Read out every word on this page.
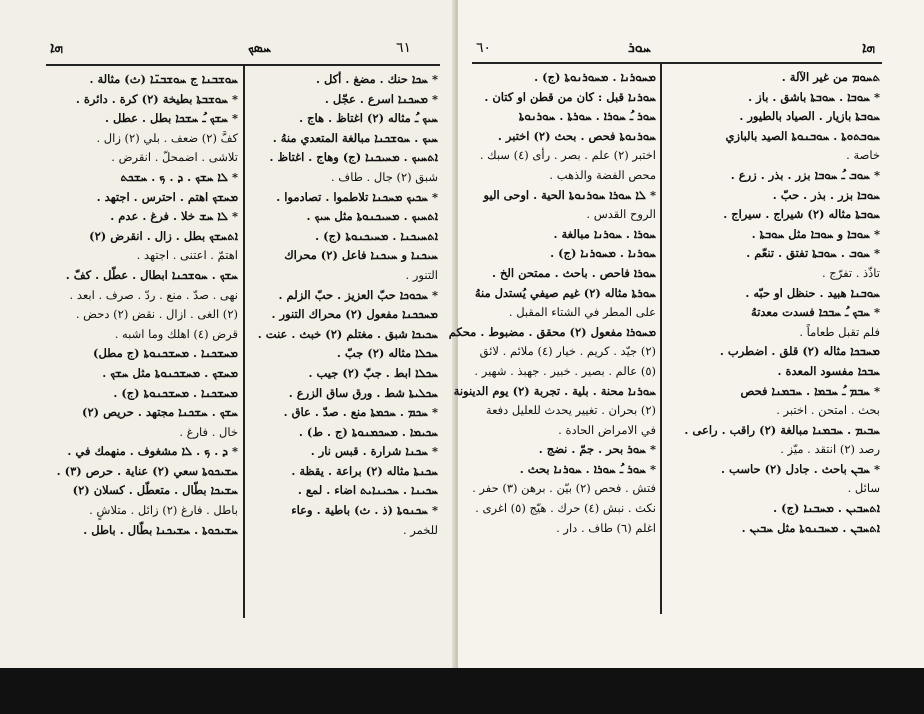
ܗܐ	ܚܣܟ	٦١
ܚܘܫܒܢܐ ج ܚܘܫܒܢ̈ܐ (ث) مثالة .
* ܚܘܫܒܬܐ بطيخة (٢) كرة . دائرة .
* ܚܫܟ ـُ ܚܫܟܐ بطل . عطل .
كفَّ (٢) ضعف . بلي (٢) زال .
تلاشى . اضمحلّ . انقرض .
* ܠܐ ܚܫܟ . ܕ . ܟ . ܚܫܟܬ
ܡܚܫܟ اهتم . احترس . اجتهد .
* ܠܐ ܚܫ خلا . فرغ . عدم .
ܐܬܚܫܟ بطل . زال . انقرض (٢)
اهتمّ . اعتنى . اجتهد .
ܚܫܟ . ܚܘܫܟܢܐ ابطال . عطّل . كفّ .
نهى . صدّ . منع . ردّ . صرف . ابعد .
(٢) الغى . ازال . نقض (٢) دحض .
قرض (٤) اهلك وما اشبه .
ܡܚܫܟܢܐ . ܡܚܫܟܢܘܬܐ (ج مطل)
ܡܚܫܟ . ܡܚܫܟܢܘܬܐ مثل ܚܫܟ .
ܡܚܫܟܢܐ . ܡܚܫܟܢܘܬܐ (ج) .
ܚܫܟ . ܚܫܟܢܐ مجتهد . حريص (٢)
خال . فارغ .
* ܕ . ܟ . ܠܐ مشغوف . منهمك في .
ܚܫܝܟܘܬܐ سعي (٢) عناية . حرص (٣) .
ܚܫܝܟܐ بطّال . متعطّل . كسلان (٢)
باطل . فارغ (٢) زائل . متلاشٍ .
ܚܫܝܟܘܬܐ . ܚܫܝܟܢܐ بطّال . باطل .
* ܚܟܐ حنك . مضغ . أكل .
* ܡܚܟܢܐ اسرع . عجّل .
ܚܝܟ ـُ مثاله (٢) اغتاظ . هاج .
ܚܝܟ . ܚܘܫܟܢܐ مبالغة المتعدي منهُ .
ܐܬܚܝܟ . ܡܚܝܟܢܐ (ج) وهاج . اغتاظ .
شبق (٢) جال . طاف .
* ܚܟܝܟ ܡܚܟܢܐ تلاطموا . تصادموا .
ܐܬܚܝܟ . ܡܚܝܟܢܘܬܐ مثل ܚܝܟ .
ܐܬܚܝܟܢܐ . ܡܚܝܟܢܘܬܐ (ج) .
ܚܝܟܢܐ و ܚܝܟܢܐ فاعل (٢) محراك
التنور .
* ܚܟܘܟܐ حبّ العزيز . حبّ الزلم .
ܡܚܟܟܢܐ مفعول (٢) محراك التنور .
ܚܟܝܟܐ شبق . مغتلم (٢) خبث . عنت .
ܚܟܠܐ مثاله (٢) جبّ .
ܚܟܠܐ ابط . جبّ (٢) جيب .
ܚܟܠܝܬܐ شط . ورق ساق الزرع .
* ܚܟܡ . ܚܟܡܬܐ منع . صدّ . عاق .
ܚܟܝܡܐ . ܡܚܟܡܢܘܬܐ (ج . ط) .
* ܚܟܢܐ شرارة . قبس نار .
ܚܟܢܬܐ مثاله (٢) براعة . يقظة .
ܚܟܝܢܐ . ܚܟܝܢܐܝܬ اضاء . لمع .
* ܚܟܢܘܬܐ (ذ . ث) باطية . وعاء
للخمر .
٦٠	ܚܘܪ	ܗܐ
ܡܚܘܪܢܐ . ܡܚܘܪܢܘܬܐ (ج) .
ܚܘܪܢܐ قبل : كان من قطن او كتان .
ܚܘܪ ـُ ܚܘܪܐ . ܚܘܪܬܐ . ܚܘܪܢܘܬܐ
ܚܘܪܢܘܬܐ فحص . بحث (٢) اختبر .
اختبر (٢) علم . بصر . رأى (٤) سبك .
محص الفضة والذهب .
* ܠܐ ܚܘܪܐ ܚܘܪܢܘܬܐ الحية . اوحى اليو
الروح القدس .
ܚܘܪܐ . ܚܘܪܢܐ مبالغة .
ܚܘܪܢܐ . ܡܚܘܪܢܐ (ج) .
ܚܘܪܐ فاحص . باحث . ممتحن الخ .
ܚܘܪܬܐ مثاله (٢) غيم صيفي يُستدل منهُ
على المطر في الشتاء المقبل .
ܡܚܘܪܐ مفعول (٢) محقق . مضبوط . محكم
(٢) جيّد . كريم . خيار (٤) ملائم . لائق
(٥) عالم . بصير . خبير . جهبذ . شهير .
ܚܘܪܢܐ محنة . بلية . تجربة (٢) يوم الدينونة
(٢) بحران . تغيير يحدث للعليل دفعة
في الامراض الحادة .
* ܚܘܪ بحر . جمّ . نضج .
* ܚܘܪ ـُ ܚܘܪܐ . ܚܘܪܢܐ بحث .
فتش . فحص (٢) بيّن . برهن (٣) حفر .
نكث . نبش (٤) حرك . هيّج (٥) اغرى .
اغلم (٦) طاف . دار .
ܬܚܘܡ من غير الآلة .
* ܚܘܒܐ . ܚܘܒܬܐ باشق . باز .
ܚܘܒܬܐ بازيار . الصياد بالطيور .
ܚܘܒܬܘܬܐ . ܚܘܒܢܘܬܐ الصيد بالبازي
خاصة .
* ܚܘܒ ـُ ܚܘܒܐ بزر . بذر . زرع .
ܚܘܒܐ بزر . بذر . حبّ .
ܚܘܒܬܐ مثاله (٢) شيراج . سيراج .
* ܚܘܒܐ و ܚܘܒܐ مثل ܚܘܒܬܐ .
* ܚܘܒ . ܚܘܒܬܐ تفتق . تنعّم .
تاذّذ . تفرّج .
ܚܘܒܢܐ هبيد . حنظل او حبّه .
* ܚܒܟ ـُ ܚܒܟܐ فسدت معدتهُ
فلم تقبل طعاماً .
ܡܚܒܟܐ مثاله (٢) قلق . اضطرب .
ܚܒܟܐ مفسود المعدة .
* ܚܒܡ ـُ ܚܒܡܐ . ܚܒܡܢܐ فحص
بحث . امتحن . اختبر .
ܚܒܝܡ . ܚܒܡܢܐ مبالغة (٢) راقب . راعى .
رصد (٢) انتقد . ميّز .
* ܚܒܢ باحث . جادل (٢) حاسب .
سائل .
ܐܬܚܒܝܢ . ܡܚܒܢܐ (ج) .
ܐܬܚܒܢ . ܡܚܒܢܘܬܐ مثل ܚܒܝܢ .
